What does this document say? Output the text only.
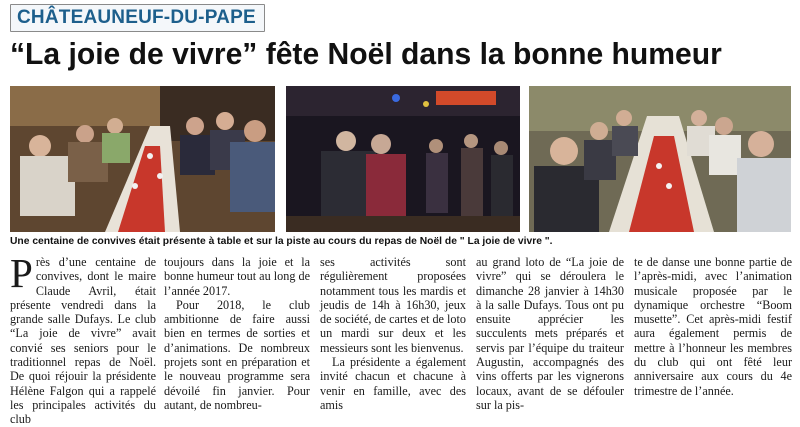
CHÂTEAUNEUF-DU-PAPE
“La joie de vivre” fête Noël dans la bonne humeur
Une centaine de convives était présente à table et sur la piste au cours du repas de Noël de " La joie de vivre ".

Près d’une centaine de convives, dont le maire Claude Avril, était présente vendredi dans la grande salle Dufays. Le club “La joie de vivre” avait convié ses seniors pour le traditionnel repas de Noël. De quoi réjouir la présidente Hélène Falgon qui a rappelé les principales activités du club

toujours dans la joie et la bonne humeur tout au long de l’année 2017.

Pour 2018, le club ambitionne de faire aussi bien en termes de sorties et d’animations. De nombreux projets sont en préparation et le nouveau programme sera dévoilé fin janvier. Pour autant, de nombreu-

ses activités sont régulièrement proposées notamment tous les mardis et jeudis de 14h à 16h30, jeux de société, de cartes et de loto un mardi sur deux et les messieurs sont les bienvenus.

La présidente a également invité chacun et chacune à venir en famille, avec des amis

au grand loto de “La joie de vivre” qui se déroulera le dimanche 28 janvier à 14h30 à la salle Dufays. Tous ont pu ensuite apprécier les succulents mets préparés et servis par l’équipe du traiteur Augustin, accompagnés des vins offerts par les vignerons locaux, avant de se défouler sur la pis-

te de danse une bonne partie de l’après-midi, avec l’animation musicale proposée par le dynamique orchestre “Boom musette”. Cet après-midi festif aura également permis de mettre à l’honneur les membres du club qui ont fêté leur anniversaire aux cours du 4e trimestre de l’année.
